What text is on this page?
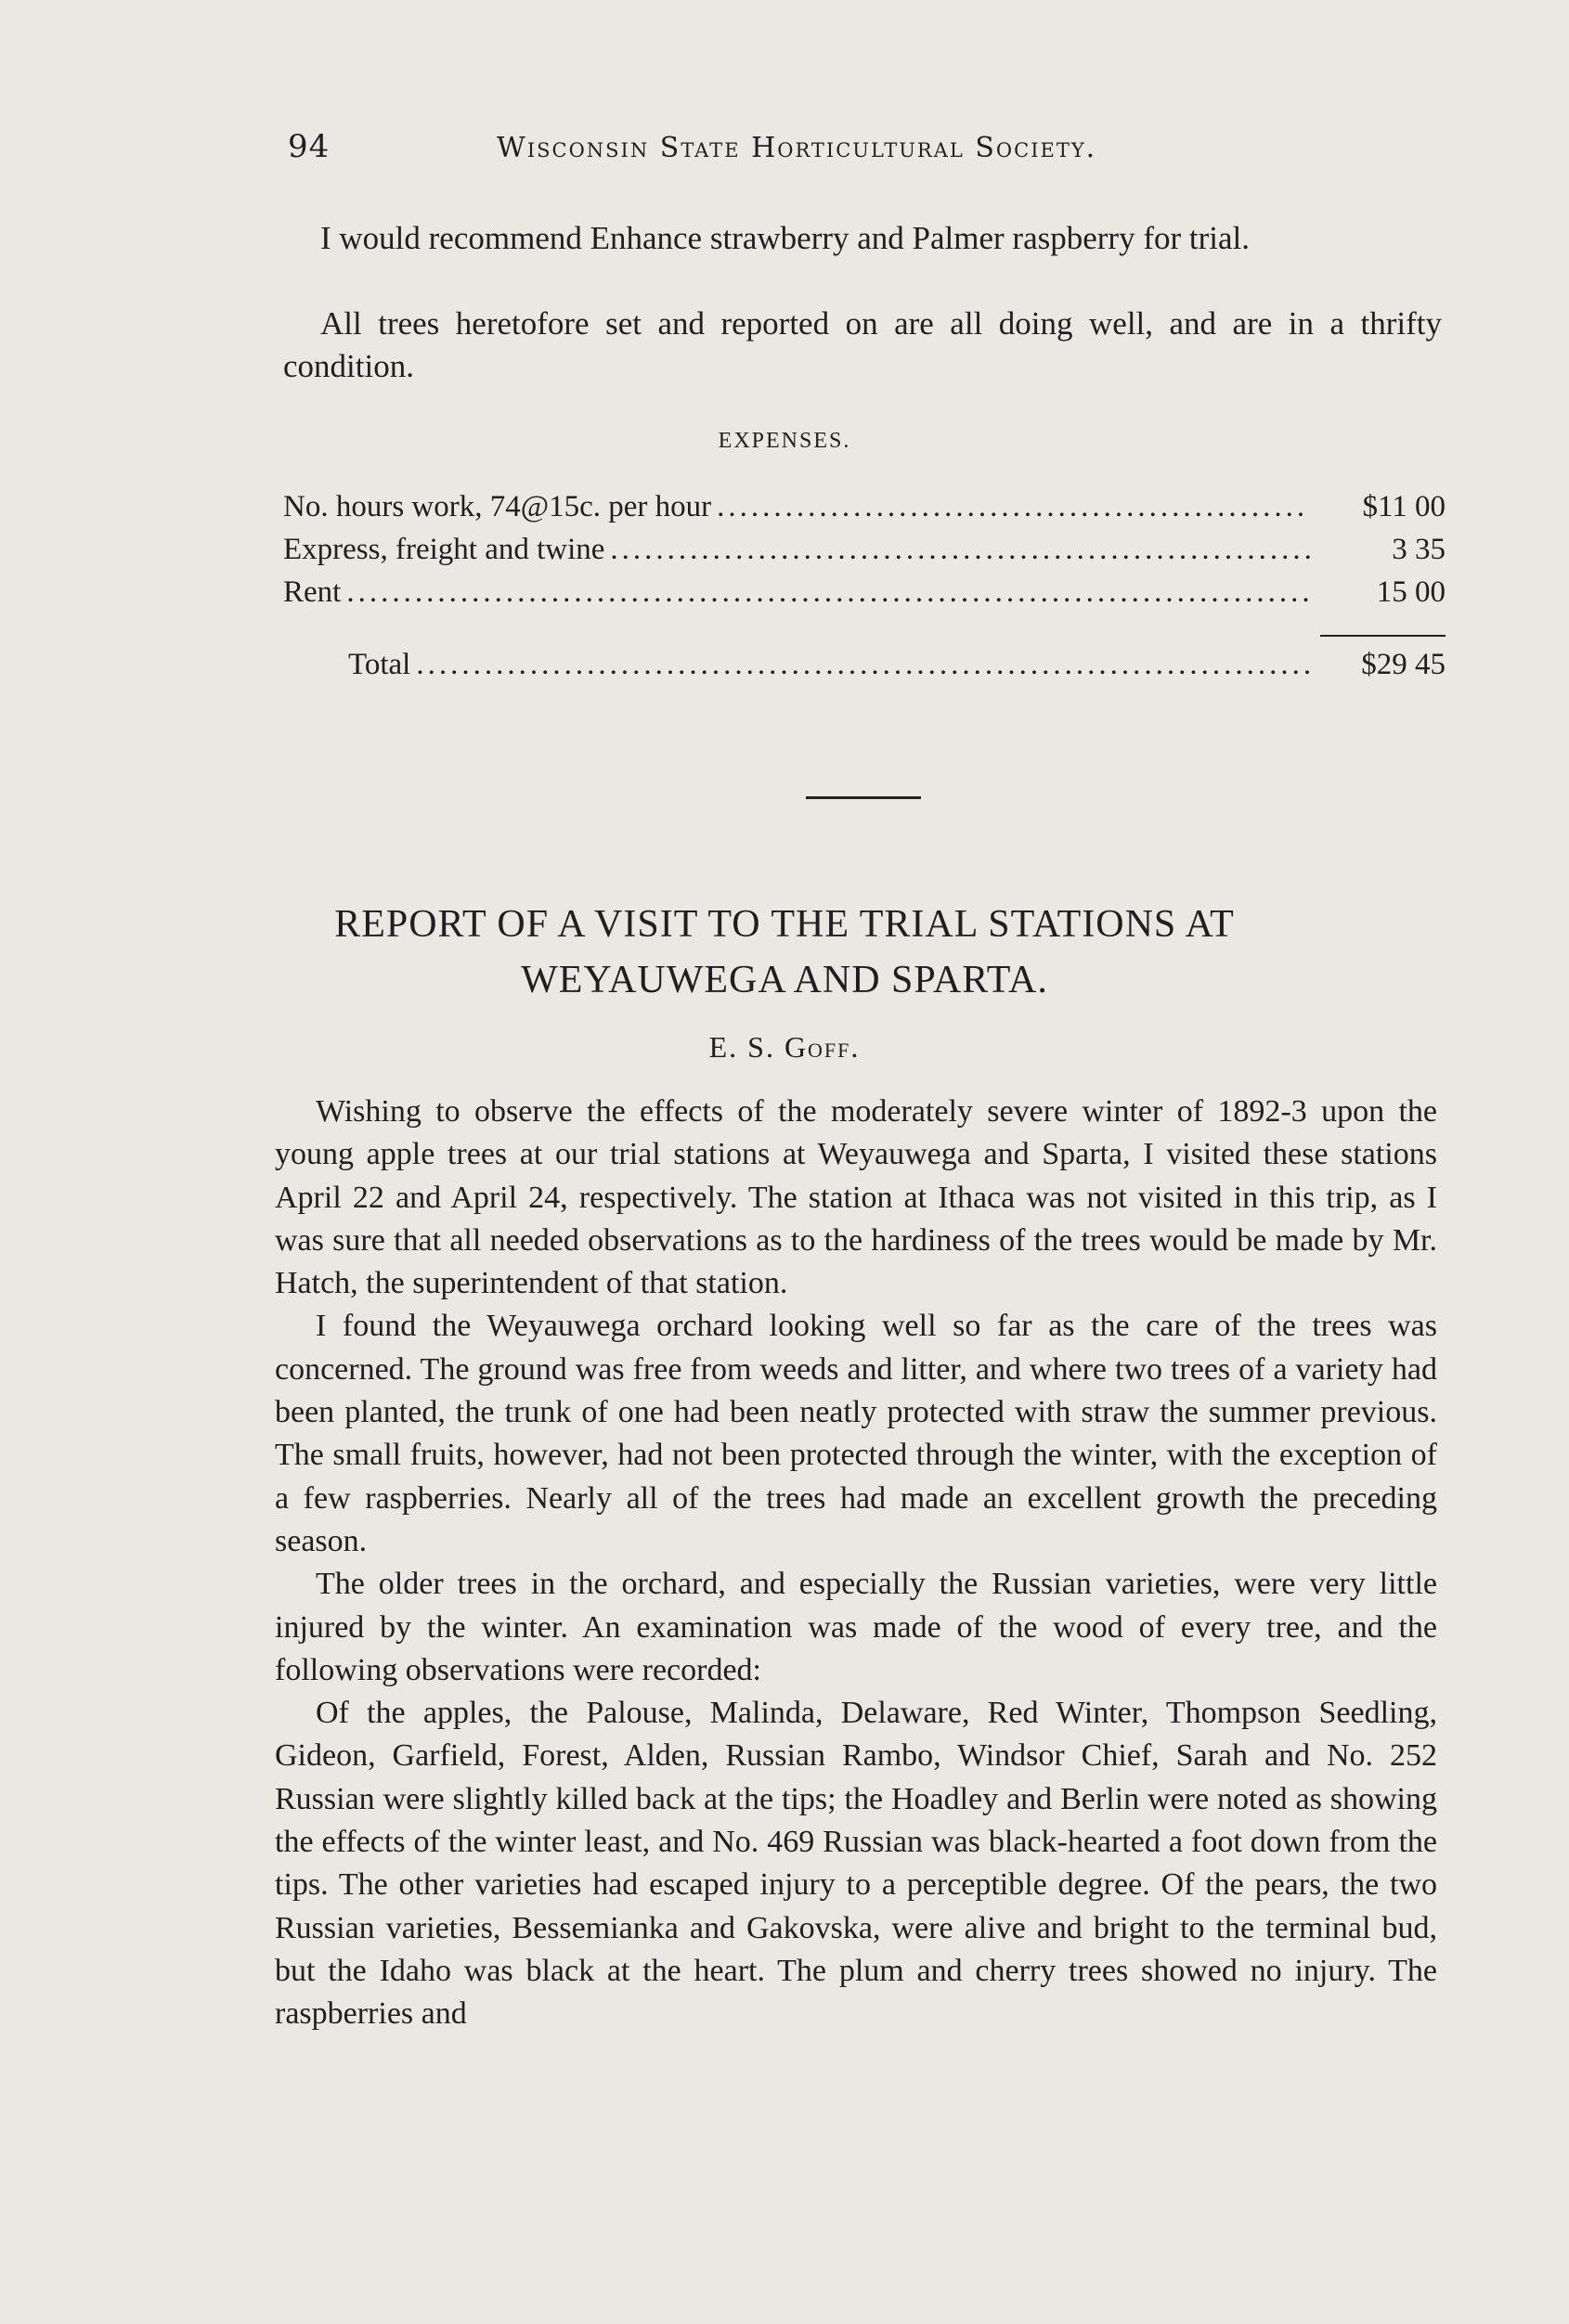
94	Wisconsin State Horticultural Society.

I would recommend Enhance strawberry and Palmer raspberry for trial.

All trees heretofore set and reported on are all doing well, and are in a thrifty condition.

EXPENSES.
No. hours work, 74@15c. per hour .....	$11 00
Express, freight and twine .....	3 35
Rent .....	15 00
Total .....	$29 45
REPORT OF A VISIT TO THE TRIAL STATIONS AT
WEYAUWEGA AND SPARTA.
E. S. Goff.

Wishing to observe the effects of the moderately severe winter of 1892-3 upon the young apple trees at our trial stations at Weyauwega and Sparta, I visited these stations April 22 and April 24, respectively. The station at Ithaca was not visited in this trip, as I was sure that all needed observations as to the hardiness of the trees would be made by Mr. Hatch, the superintendent of that station.

I found the Weyauwega orchard looking well so far as the care of the trees was concerned. The ground was free from weeds and litter, and where two trees of a variety had been planted, the trunk of one had been neatly protected with straw the summer previous. The small fruits, however, had not been protected through the winter, with the exception of a few raspberries. Nearly all of the trees had made an excellent growth the preceding season.

The older trees in the orchard, and especially the Russian varieties, were very little injured by the winter. An examination was made of the wood of every tree, and the following observations were recorded:

Of the apples, the Palouse, Malinda, Delaware, Red Winter, Thompson Seedling, Gideon, Garfield, Forest, Alden, Russian Rambo, Windsor Chief, Sarah and No. 252 Russian were slightly killed back at the tips; the Hoadley and Berlin were noted as showing the effects of the winter least, and No. 469 Russian was black-hearted a foot down from the tips. The other varieties had escaped injury to a perceptible degree. Of the pears, the two Russian varieties, Bessemianka and Gakovska, were alive and bright to the terminal bud, but the Idaho was black at the heart. The plum and cherry trees showed no injury. The raspberries and
